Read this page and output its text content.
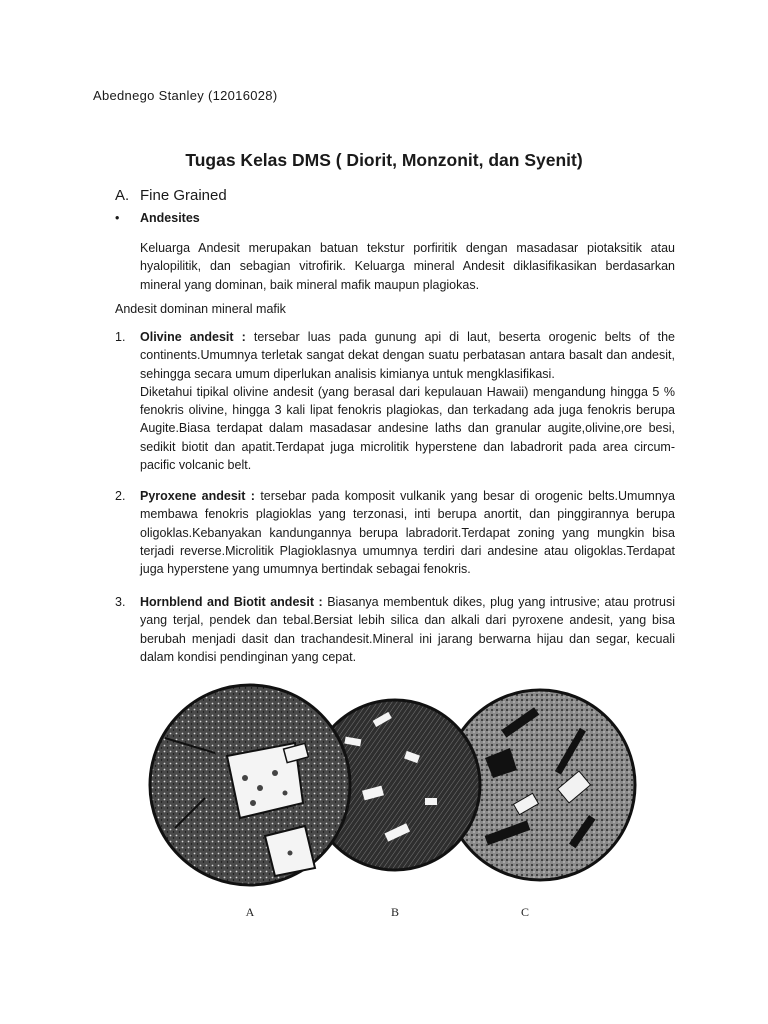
Abednego Stanley (12016028)
Tugas Kelas DMS ( Diorit, Monzonit, dan Syenit)
A. Fine Grained
• Andesites

Keluarga Andesit merupakan batuan tekstur porfiritik dengan masadasar piotaksitik atau hyalopilitik, dan sebagian vitrofirik. Keluarga mineral Andesit diklasifikasikan berdasarkan mineral yang dominan, baik mineral mafik maupun plagiokas.

Andesit dominan mineral mafik
1. Olivine andesit : tersebar luas pada gunung api di laut, beserta orogenic belts of the continents.Umumnya terletak sangat dekat dengan suatu perbatasan antara basalt dan andesit, sehingga secara umum diperlukan analisis kimianya untuk mengklasifikasi.
Diketahui tipikal olivine andesit (yang berasal dari kepulauan Hawaii) mengandung hingga 5 % fenokris olivine, hingga 3 kali lipat fenokris plagiokas, dan terkadang ada juga fenokris berupa Augite.Biasa terdapat dalam masadasar andesine laths dan granular augite,olivine,ore besi, sedikit biotit dan apatit.Terdapat juga microlitik hyperstene dan labadrorit pada area circum-pacific volcanic belt.
2. Pyroxene andesit : tersebar pada komposit vulkanik yang besar di orogenic belts.Umumnya membawa fenokris plagioklas yang terzonasi, inti berupa anortit, dan pinggirannya berupa oligoklas.Kebanyakan kandungannya berupa labradorit.Terdapat zoning yang mungkin bisa terjadi reverse.Microlitik Plagioklasnya umumnya terdiri dari andesine atau oligoklas.Terdapat juga hyperstene yang umumnya bertindak sebagai fenokris.
3. Hornblend and Biotit andesit : Biasanya membentuk dikes, plug yang intrusive; atau protrusi yang terjal, pendek dan tebal.Bersiat lebih silica dan alkali dari pyroxene andesit, yang bisa berubah menjadi dasit dan trachandesit.Mineral ini jarang berwarna hijau dan segar, kecuali dalam kondisi pendinginan yang cepat.
A	B	C
